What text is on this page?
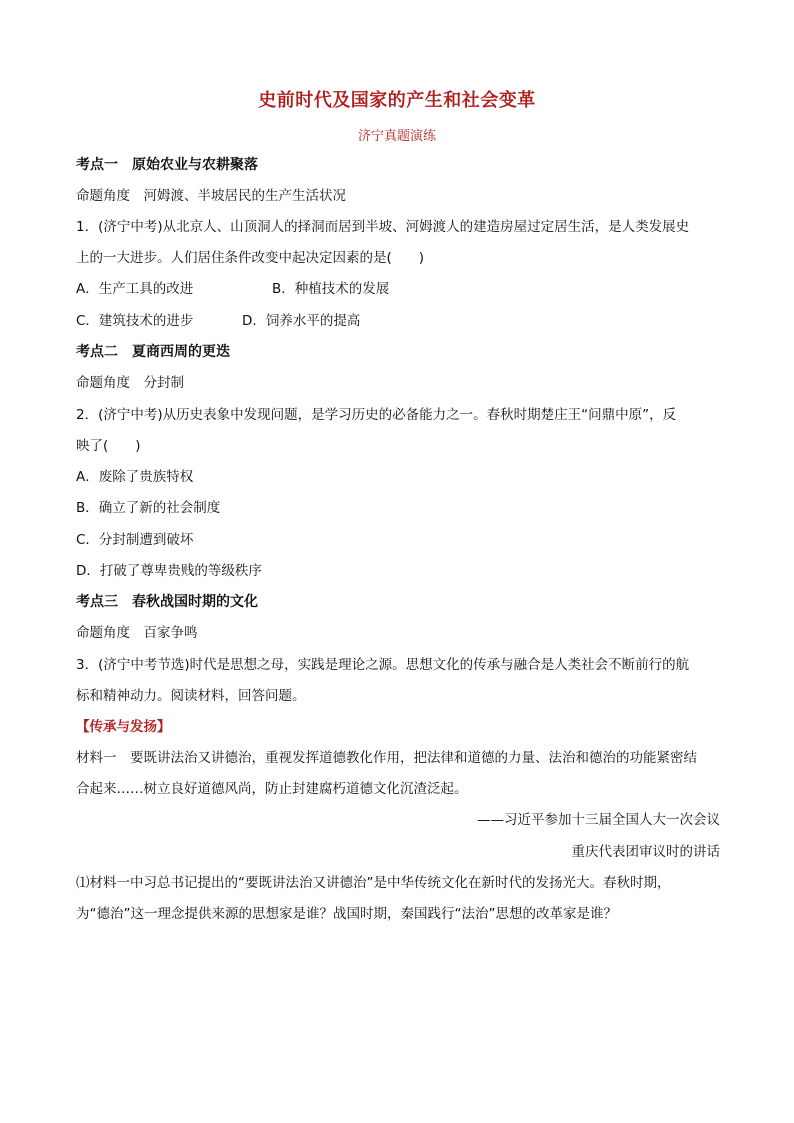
史前时代及国家的产生和社会变革
济宁真题演练
考点一　原始农业与农耕聚落
命题角度　河姆渡、半坡居民的生产生活状况
1．(济宁中考)从北京人、山顶洞人的择洞而居到半坡、河姆渡人的建造房屋过定居生活，是人类发展史
上的一大进步。人们居住条件改变中起决定因素的是(　　)
A．生产工具的改进	B．种植技术的发展
C．建筑技术的进步	D．饲养水平的提高
考点二　夏商西周的更迭
命题角度　分封制
2．(济宁中考)从历史表象中发现问题，是学习历史的必备能力之一。春秋时期楚庄王“问鼎中原”，反
映了(　　)
A．废除了贵族特权
B．确立了新的社会制度
C．分封制遭到破坏
D．打破了尊卑贵贱的等级秩序
考点三　春秋战国时期的文化
命题角度　百家争鸣
3．(济宁中考节选)时代是思想之母，实践是理论之源。思想文化的传承与融合是人类社会不断前行的航
标和精神动力。阅读材料，回答问题。
【传承与发扬】
材料一　要既讲法治又讲德治，重视发挥道德教化作用，把法律和道德的力量、法治和德治的功能紧密结
合起来……树立良好道德风尚，防止封建腐朽道德文化沉渣泛起。
——习近平参加十三届全国人大一次会议
重庆代表团审议时的讲话
⑴材料一中习总书记提出的“要既讲法治又讲德治”是中华传统文化在新时代的发扬光大。春秋时期，
为“德治”这一理念提供来源的思想家是谁？战国时期，秦国践行“法治”思想的改革家是谁？
